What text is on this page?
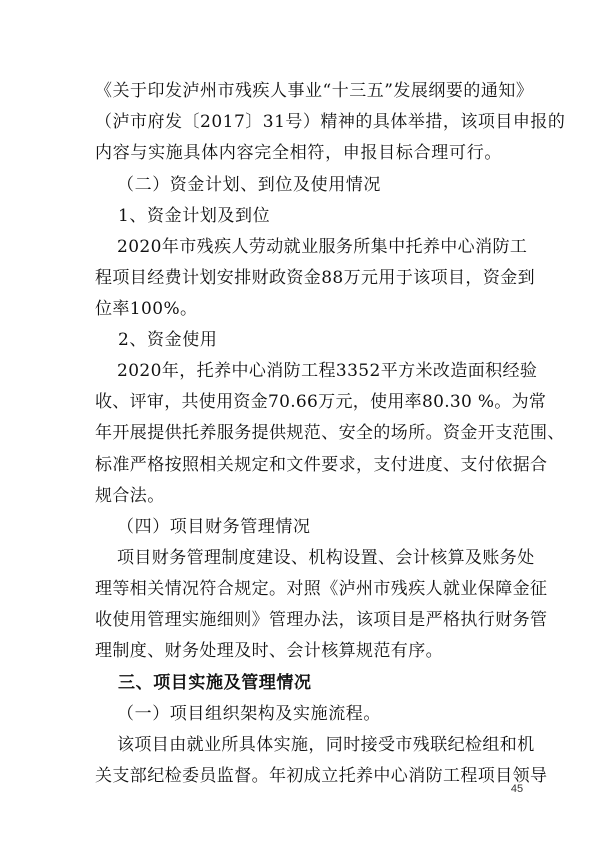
《关于印发泸州市残疾人事业“十三五”发展纲要的通知》
（泸市府发〔2017〕31号）精神的具体举措，该项目申报的
内容与实施具体内容完全相符，申报目标合理可行。
（二）资金计划、到位及使用情况
1、资金计划及到位
2020年市残疾人劳动就业服务所集中托养中心消防工
程项目经费计划安排财政资金88万元用于该项目，资金到
位率100%。
2、资金使用
2020年，托养中心消防工程3352平方米改造面积经验
收、评审，共使用资金70.66万元，使用率80.30 %。为常
年开展提供托养服务提供规范、安全的场所。资金开支范围、
标准严格按照相关规定和文件要求，支付进度、支付依据合
规合法。
（四）项目财务管理情况
项目财务管理制度建设、机构设置、会计核算及账务处
理等相关情况符合规定。对照《泸州市残疾人就业保障金征
收使用管理实施细则》管理办法，该项目是严格执行财务管
理制度、财务处理及时、会计核算规范有序。
三、项目实施及管理情况
（一）项目组织架构及实施流程。
该项目由就业所具体实施，同时接受市残联纪检组和机
关支部纪检委员监督。年初成立托养中心消防工程项目领导
45
